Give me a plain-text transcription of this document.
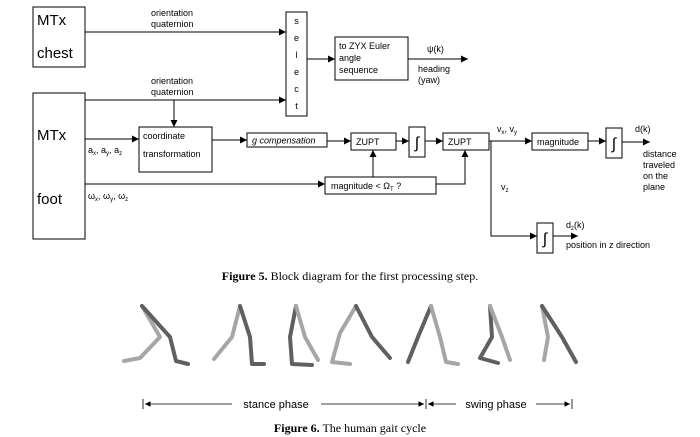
MTx
chest
MTx
foot
s
e
l
e
c
t
to ZYX Euler
angle
sequence
coordinate
transformation
g compensation	ZUPT ∫	ZUPT
magnitude < $\Omega_T$ ?
magnitude ∫
∫
orientation
quaternion
orientation
quaternion
ψ(k)
heading
(yaw)
$a_x$, $a_y$, $a_z$
$\omega_x$, $\omega_y$, $\omega_z$
$v_x$, $v_y$
$v_z$
d(k)
distance
traveled
on the
plane
$d_z(k)$
position in z direction
stance phase	swing phase
Figure 5. Block diagram for the first processing step.
Figure 6. The human gait cycle
